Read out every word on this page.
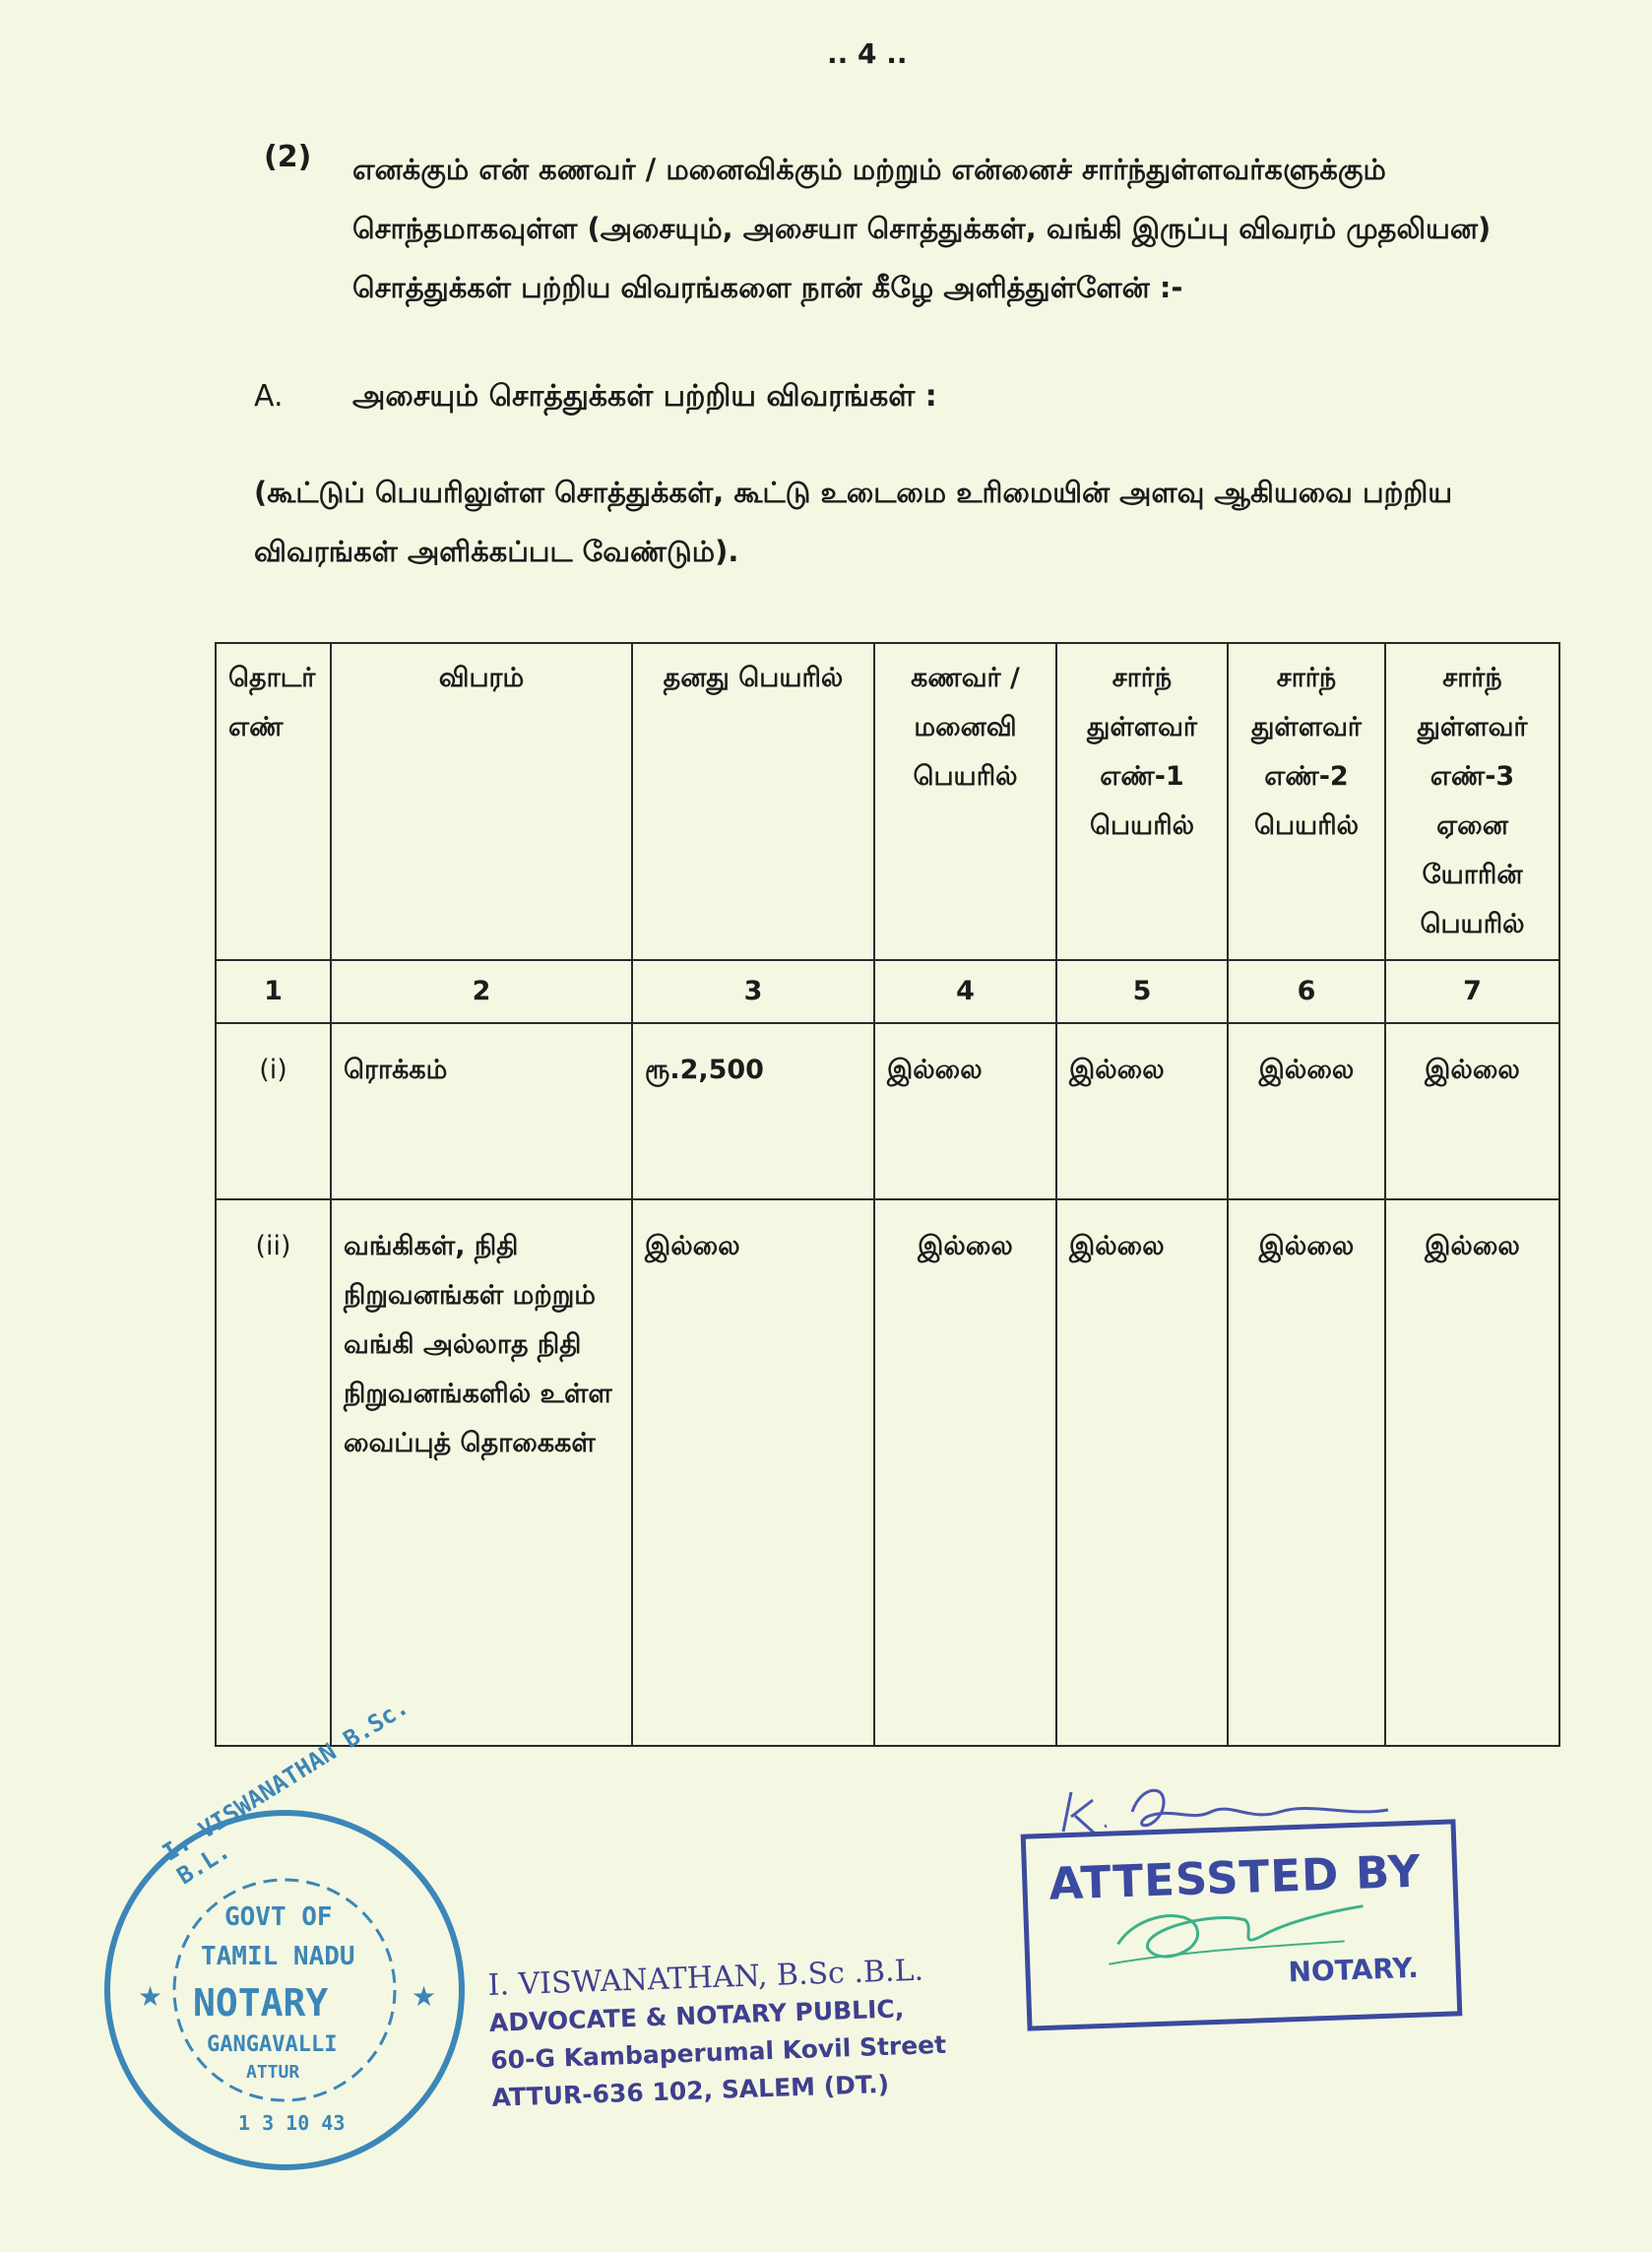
.. 4 ..
(2) எனக்கும் என் கணவர் / மனைவிக்கும் மற்றும் என்னைச் சார்ந்துள்ளவர்களுக்கும் சொந்தமாகவுள்ள (அசையும், அசையா சொத்துக்கள், வங்கி இருப்பு விவரம் முதலியன) சொத்துக்கள் பற்றிய விவரங்களை நான் கீழே அளித்துள்ளேன் :-
A. அசையும் சொத்துக்கள் பற்றிய விவரங்கள் :
(கூட்டுப் பெயரிலுள்ள சொத்துக்கள், கூட்டு உடைமை உரிமையின் அளவு ஆகியவை பற்றிய விவரங்கள் அளிக்கப்பட வேண்டும்).
தொடர் எண்	விபரம்	தனது பெயரில்	கணவர் / மனைவி பெயரில்	சார்ந் துள்ளவர் எண்-1 பெயரில்	சார்ந் துள்ளவர் எண்-2 பெயரில்	சார்ந் துள்ளவர் எண்-3 ஏனை யோரின் பெயரில்
1	2	3	4	5	6	7
(i)	ரொக்கம்	ரூ.2,500	இல்லை	இல்லை	இல்லை	இல்லை
(ii)	வங்கிகள், நிதி நிறுவனங்கள் மற்றும் வங்கி அல்லாத நிதி நிறுவனங்களில் உள்ள வைப்புத் தொகைகள்	இல்லை	இல்லை	இல்லை	இல்லை	இல்லை
★	★
I. VISWANATHAN B.Sc. B.L.
GOVT OF
TAMIL NADU
NOTARY
GANGAVALLI
ATTUR
1 3 10 43
I. VISWANATHAN, B.Sc .B.L.
ADVOCATE & NOTARY PUBLIC,
60-G Kambaperumal Kovil Street
ATTUR-636 102, SALEM (DT.)
ATTESSTED BY
NOTARY.
